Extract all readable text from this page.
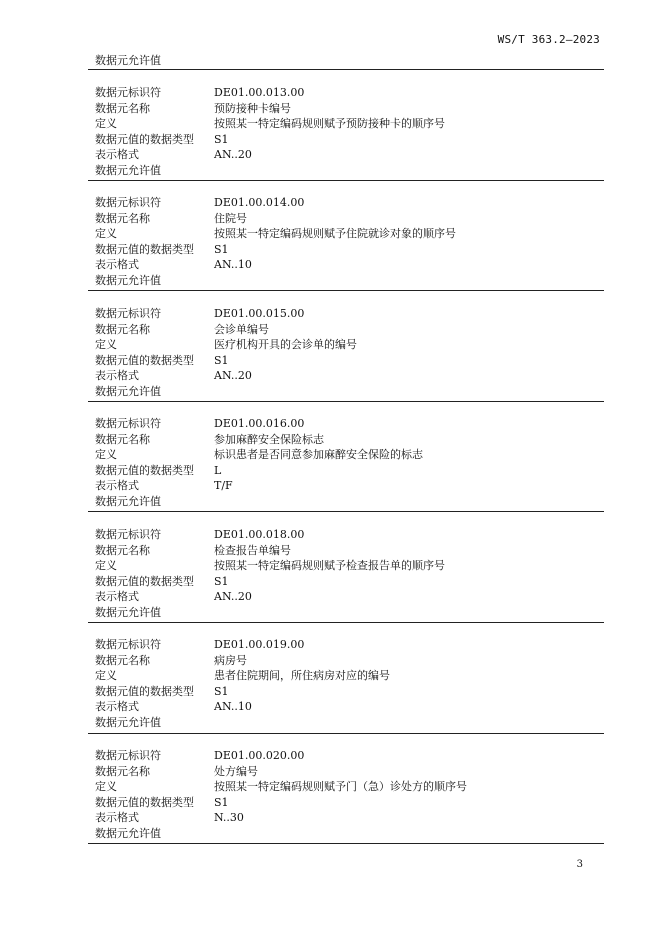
WS/T 363.2—2023
数据元允许值
数据元标识符	DE01.00.013.00
数据元名称	预防接种卡编号
定义	按照某一特定编码规则赋予预防接种卡的顺序号
数据元值的数据类型	S1
表示格式	AN..20
数据元允许值
数据元标识符	DE01.00.014.00
数据元名称	住院号
定义	按照某一特定编码规则赋予住院就诊对象的顺序号
数据元值的数据类型	S1
表示格式	AN..10
数据元允许值
数据元标识符	DE01.00.015.00
数据元名称	会诊单编号
定义	医疗机构开具的会诊单的编号
数据元值的数据类型	S1
表示格式	AN..20
数据元允许值
数据元标识符	DE01.00.016.00
数据元名称	参加麻醉安全保险标志
定义	标识患者是否同意参加麻醉安全保险的标志
数据元值的数据类型	L
表示格式	T/F
数据元允许值
数据元标识符	DE01.00.018.00
数据元名称	检查报告单编号
定义	按照某一特定编码规则赋予检查报告单的顺序号
数据元值的数据类型	S1
表示格式	AN..20
数据元允许值
数据元标识符	DE01.00.019.00
数据元名称	病房号
定义	患者住院期间，所住病房对应的编号
数据元值的数据类型	S1
表示格式	AN..10
数据元允许值
数据元标识符	DE01.00.020.00
数据元名称	处方编号
定义	按照某一特定编码规则赋予门（急）诊处方的顺序号
数据元值的数据类型	S1
表示格式	N..30
数据元允许值
3
